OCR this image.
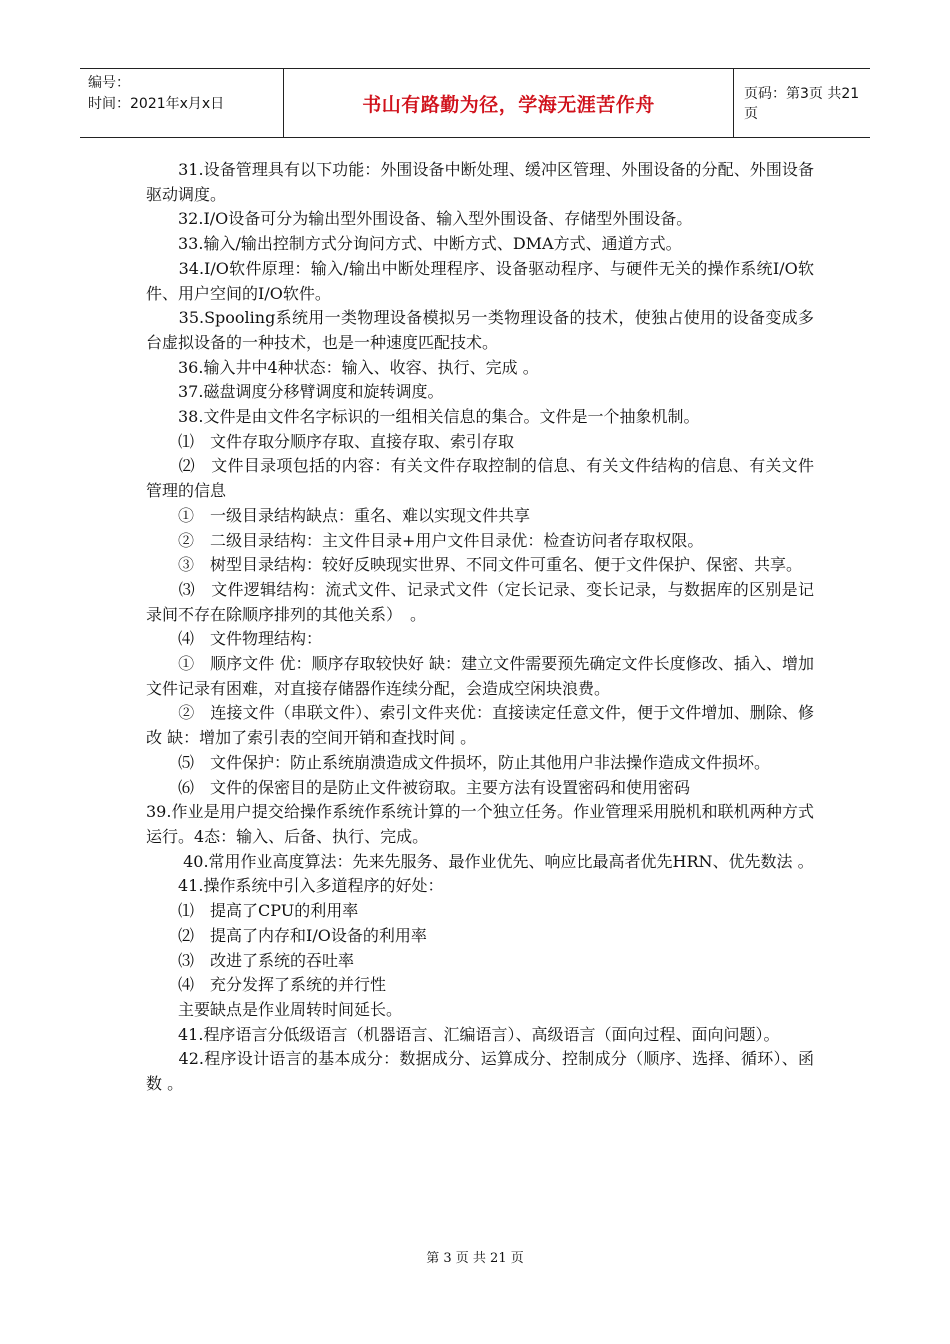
编号：
时间：2021年x月x日	书山有路勤为径，学海无涯苦作舟	页码：第3页 共21页

　　31.设备管理具有以下功能：外围设备中断处理、缓冲区管理、外围设备的分配、外围设备驱动调度。

　　32.I/O设备可分为输出型外围设备、输入型外围设备、存储型外围设备。

　　33.输入/输出控制方式分询问方式、中断方式、DMA方式、通道方式。

　　34.I/O软件原理：输入/输出中断处理程序、设备驱动程序、与硬件无关的操作系统I/O软件、用户空间的I/O软件。

　　35.Spooling系统用一类物理设备模拟另一类物理设备的技术，使独占使用的设备变成多台虚拟设备的一种技术，也是一种速度匹配技术。

　　36.输入井中4种状态：输入、收容、执行、完成 。

　　37.磁盘调度分移臂调度和旋转调度。

　　38.文件是由文件名字标识的一组相关信息的集合。文件是一个抽象机制。

　　⑴　文件存取分顺序存取、直接存取、索引存取

　　⑵　文件目录项包括的内容：有关文件存取控制的信息、有关文件结构的信息、有关文件管理的信息

　　①　一级目录结构缺点：重名、难以实现文件共享

　　②　二级目录结构：主文件目录+用户文件目录优：检查访问者存取权限。

　　③　树型目录结构：较好反映现实世界、不同文件可重名、便于文件保护、保密、共享。

　　⑶　文件逻辑结构：流式文件、记录式文件（定长记录、变长记录，与数据库的区别是记录间不存在除顺序排列的其他关系）　。

　　⑷　文件物理结构：

　　①　顺序文件 优：顺序存取较快好 缺：建立文件需要预先确定文件长度修改、插入、增加文件记录有困难，对直接存储器作连续分配，会造成空闲块浪费。

　　②　连接文件（串联文件）、索引文件夹优：直接读定任意文件，便于文件增加、删除、修改 缺：增加了索引表的空间开销和查找时间 。

　　⑸　文件保护：防止系统崩溃造成文件损坏，防止其他用户非法操作造成文件损坏。

　　⑹　文件的保密目的是防止文件被窃取。主要方法有设置密码和使用密码

39.作业是用户提交给操作系统作系统计算的一个独立任务。作业管理采用脱机和联机两种方式运行。4态：输入、后备、执行、完成。

　　 40.常用作业高度算法：先来先服务、最作业优先、响应比最高者优先HRN、优先数法 。

　　41.操作系统中引入多道程序的好处：

　　⑴　提高了CPU的利用率

　　⑵　提高了内存和I/O设备的利用率

　　⑶　改进了系统的吞吐率

　　⑷　充分发挥了系统的并行性

　　主要缺点是作业周转时间延长。

　　41.程序语言分低级语言（机器语言、汇编语言）、高级语言（面向过程、面向问题）。

　　42.程序设计语言的基本成分：数据成分、运算成分、控制成分（顺序、选择、循环）、函数 。

第 3 页 共 21 页
